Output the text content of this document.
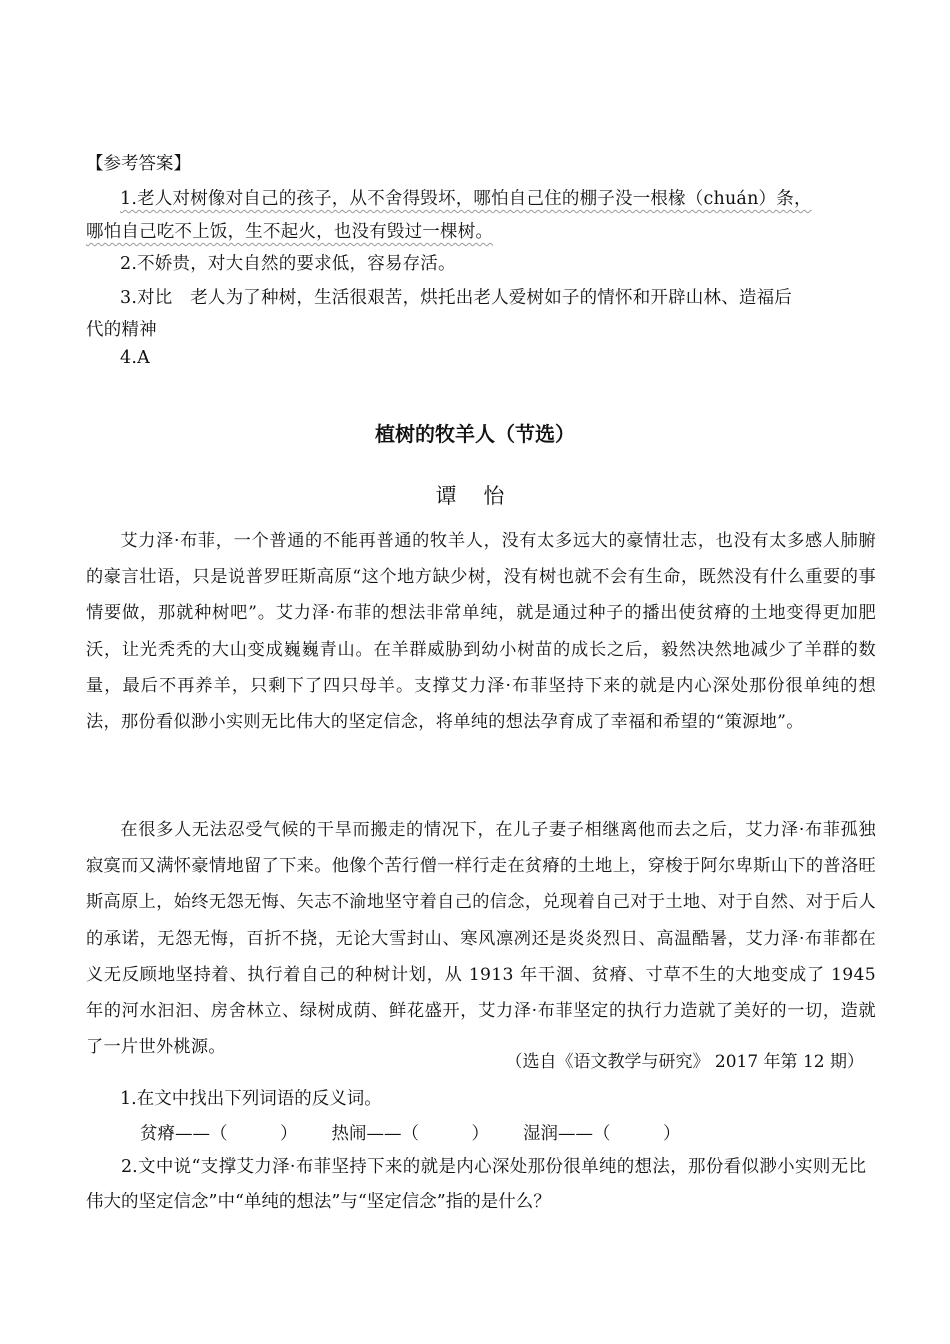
【参考答案】
1.老人对树像对自己的孩子，从不舍得毁坏，哪怕自己住的棚子没一根椽（chuán）条，
哪怕自己吃不上饭，生不起火，也没有毁过一棵树。
2.不娇贵，对大自然的要求低，容易存活。
3.对比　老人为了种树，生活很艰苦，烘托出老人爱树如子的情怀和开辟山林、造福后
代的精神
4.A
植树的牧羊人（节选）
谭 怡
艾力泽·布菲，一个普通的不能再普通的牧羊人，没有太多远大的豪情壮志，也没有太多感人肺腑的豪言壮语，只是说普罗旺斯高原“这个地方缺少树，没有树也就不会有生命，既然没有什么重要的事情要做，那就种树吧”。艾力泽·布菲的想法非常单纯，就是通过种子的播出使贫瘠的土地变得更加肥沃，让光秃秃的大山变成巍巍青山。在羊群威胁到幼小树苗的成长之后，毅然决然地减少了羊群的数量，最后不再养羊，只剩下了四只母羊。支撑艾力泽·布菲坚持下来的就是内心深处那份很单纯的想法，那份看似渺小实则无比伟大的坚定信念，将单纯的想法孕育成了幸福和希望的“策源地”。
在很多人无法忍受气候的干旱而搬走的情况下，在儿子妻子相继离他而去之后，艾力泽·布菲孤独寂寞而又满怀豪情地留了下来。他像个苦行僧一样行走在贫瘠的土地上，穿梭于阿尔卑斯山下的普洛旺斯高原上，始终无怨无悔、矢志不渝地坚守着自己的信念，兑现着自己对于土地、对于自然、对于后人的承诺，无怨无悔，百折不挠，无论大雪封山、寒风凛冽还是炎炎烈日、高温酷暑，艾力泽·布菲都在义无反顾地坚持着、执行着自己的种树计划，从 1913 年干涸、贫瘠、寸草不生的大地变成了 1945 年的河水汩汩、房舍林立、绿树成荫、鲜花盛开，艾力泽·布菲坚定的执行力造就了美好的一切，造就了一片世外桃源。
（选自《语文教学与研究》 2017 年第 12 期）
1.在文中找出下列词语的反义词。
贫瘠——（　　　） 热闹——（　　　） 湿润——（　　　）
2.文中说“支撑艾力泽·布菲坚持下来的就是内心深处那份很单纯的想法，那份看似渺小实则无比伟大的坚定信念”中“单纯的想法”与“坚定信念”指的是什么？
